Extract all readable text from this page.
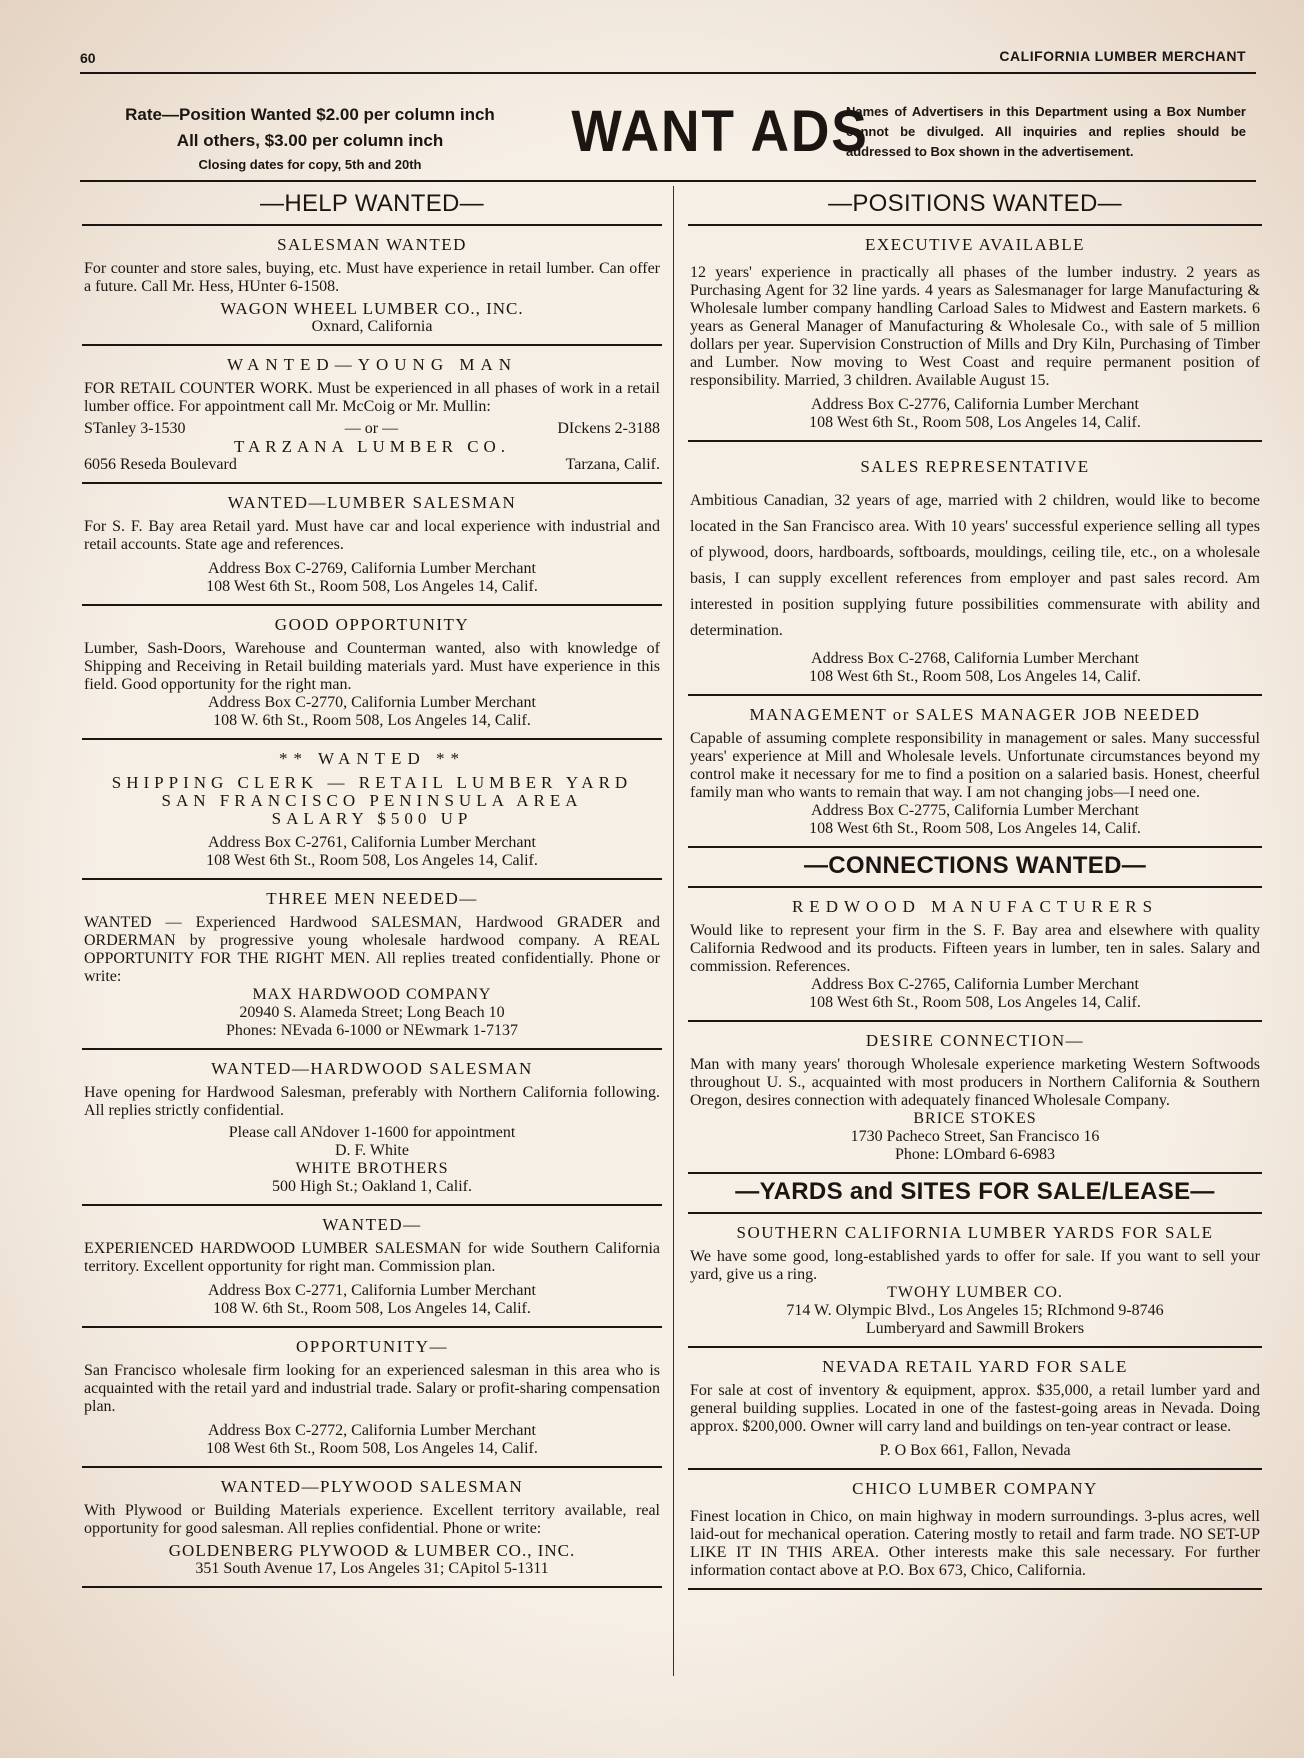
60	CALIFORNIA LUMBER MERCHANT
Rate—Position Wanted $2.00 per column inch
All others, $3.00 per column inch
Closing dates for copy, 5th and 20th
WANT ADS
Names of Advertisers in this Department using a Box Number cannot be divulged. All inquiries and replies should be addressed to Box shown in the advertisement.
—HELP WANTED—
SALESMAN WANTED

For counter and store sales, buying, etc. Must have experience in retail lumber. Can offer a future. Call Mr. Hess, HUnter 6-1508.

WAGON WHEEL LUMBER CO., INC.
Oxnard, California
WANTED—YOUNG MAN

FOR RETAIL COUNTER WORK. Must be experienced in all phases of work in a retail lumber office. For appointment call Mr. McCoig or Mr. Mullin:

STanley 3-1530	— or —	DIckens 2-3188
TARZANA LUMBER CO.
6056 Reseda Boulevard	Tarzana, Calif.
WANTED—LUMBER SALESMAN

For S. F. Bay area Retail yard. Must have car and local experience with industrial and retail accounts. State age and references.

Address Box C-2769, California Lumber Merchant
108 West 6th St., Room 508, Los Angeles 14, Calif.
GOOD OPPORTUNITY

Lumber, Sash-Doors, Warehouse and Counterman wanted, also with knowledge of Shipping and Receiving in Retail building materials yard. Must have experience in this field. Good opportunity for the right man.

Address Box C-2770, California Lumber Merchant
108 W. 6th St., Room 508, Los Angeles 14, Calif.
** WANTED **
SHIPPING CLERK — RETAIL LUMBER YARD
SAN FRANCISCO PENINSULA AREA
SALARY $500 UP
Address Box C-2761, California Lumber Merchant
108 West 6th St., Room 508, Los Angeles 14, Calif.
THREE MEN NEEDED—

WANTED — Experienced Hardwood SALESMAN, Hardwood GRADER and ORDERMAN by progressive young wholesale hardwood company. A REAL OPPORTUNITY FOR THE RIGHT MEN. All replies treated confidentially. Phone or write:

MAX HARDWOOD COMPANY
20940 S. Alameda Street; Long Beach 10
Phones: NEvada 6-1000 or NEwmark 1-7137
WANTED—HARDWOOD SALESMAN

Have opening for Hardwood Salesman, preferably with Northern California following. All replies strictly confidential.

Please call ANdover 1-1600 for appointment
D. F. White
WHITE BROTHERS
500 High St.; Oakland 1, Calif.
WANTED—

EXPERIENCED HARDWOOD LUMBER SALESMAN for wide Southern California territory. Excellent opportunity for right man. Commission plan.

Address Box C-2771, California Lumber Merchant
108 W. 6th St., Room 508, Los Angeles 14, Calif.
OPPORTUNITY—

San Francisco wholesale firm looking for an experienced salesman in this area who is acquainted with the retail yard and industrial trade. Salary or profit-sharing compensation plan.

Address Box C-2772, California Lumber Merchant
108 West 6th St., Room 508, Los Angeles 14, Calif.
WANTED—PLYWOOD SALESMAN

With Plywood or Building Materials experience. Excellent territory available, real opportunity for good salesman. All replies confidential. Phone or write:

GOLDENBERG PLYWOOD & LUMBER CO., INC.
351 South Avenue 17, Los Angeles 31; CApitol 5-1311
—POSITIONS WANTED—
EXECUTIVE AVAILABLE

12 years' experience in practically all phases of the lumber industry. 2 years as Purchasing Agent for 32 line yards. 4 years as Salesmanager for large Manufacturing & Wholesale lumber company handling Carload Sales to Midwest and Eastern markets. 6 years as General Manager of Manufacturing & Wholesale Co., with sale of 5 million dollars per year. Supervision Construction of Mills and Dry Kiln, Purchasing of Timber and Lumber. Now moving to West Coast and require permanent position of responsibility. Married, 3 children. Available August 15.

Address Box C-2776, California Lumber Merchant
108 West 6th St., Room 508, Los Angeles 14, Calif.
SALES REPRESENTATIVE

Ambitious Canadian, 32 years of age, married with 2 children, would like to become located in the San Francisco area. With 10 years' successful experience selling all types of plywood, doors, hardboards, softboards, mouldings, ceiling tile, etc., on a wholesale basis, I can supply excellent references from employer and past sales record. Am interested in position supplying future possibilities commensurate with ability and determination.

Address Box C-2768, California Lumber Merchant
108 West 6th St., Room 508, Los Angeles 14, Calif.
MANAGEMENT or SALES MANAGER JOB NEEDED

Capable of assuming complete responsibility in management or sales. Many successful years' experience at Mill and Wholesale levels. Unfortunate circumstances beyond my control make it necessary for me to find a position on a salaried basis. Honest, cheerful family man who wants to remain that way. I am not changing jobs—I need one.

Address Box C-2775, California Lumber Merchant
108 West 6th St., Room 508, Los Angeles 14, Calif.
—CONNECTIONS WANTED—
REDWOOD MANUFACTURERS

Would like to represent your firm in the S. F. Bay area and elsewhere with quality California Redwood and its products. Fifteen years in lumber, ten in sales. Salary and commission. References.

Address Box C-2765, California Lumber Merchant
108 West 6th St., Room 508, Los Angeles 14, Calif.
DESIRE CONNECTION—

Man with many years' thorough Wholesale experience marketing Western Softwoods throughout U. S., acquainted with most producers in Northern California & Southern Oregon, desires connection with adequately financed Wholesale Company.

BRICE STOKES
1730 Pacheco Street, San Francisco 16
Phone: LOmbard 6-6983
—YARDS and SITES FOR SALE/LEASE—
SOUTHERN CALIFORNIA LUMBER YARDS FOR SALE

We have some good, long-established yards to offer for sale. If you want to sell your yard, give us a ring.

TWOHY LUMBER CO.
714 W. Olympic Blvd., Los Angeles 15; RIchmond 9-8746
Lumberyard and Sawmill Brokers
NEVADA RETAIL YARD FOR SALE

For sale at cost of inventory & equipment, approx. $35,000, a retail lumber yard and general building supplies. Located in one of the fastest-going areas in Nevada. Doing approx. $200,000. Owner will carry land and buildings on ten-year contract or lease.

P. O Box 661, Fallon, Nevada
CHICO LUMBER COMPANY

Finest location in Chico, on main highway in modern surroundings. 3-plus acres, well laid-out for mechanical operation. Catering mostly to retail and farm trade. NO SET-UP LIKE IT IN THIS AREA. Other interests make this sale necessary. For further information contact above at P.O. Box 673, Chico, California.
